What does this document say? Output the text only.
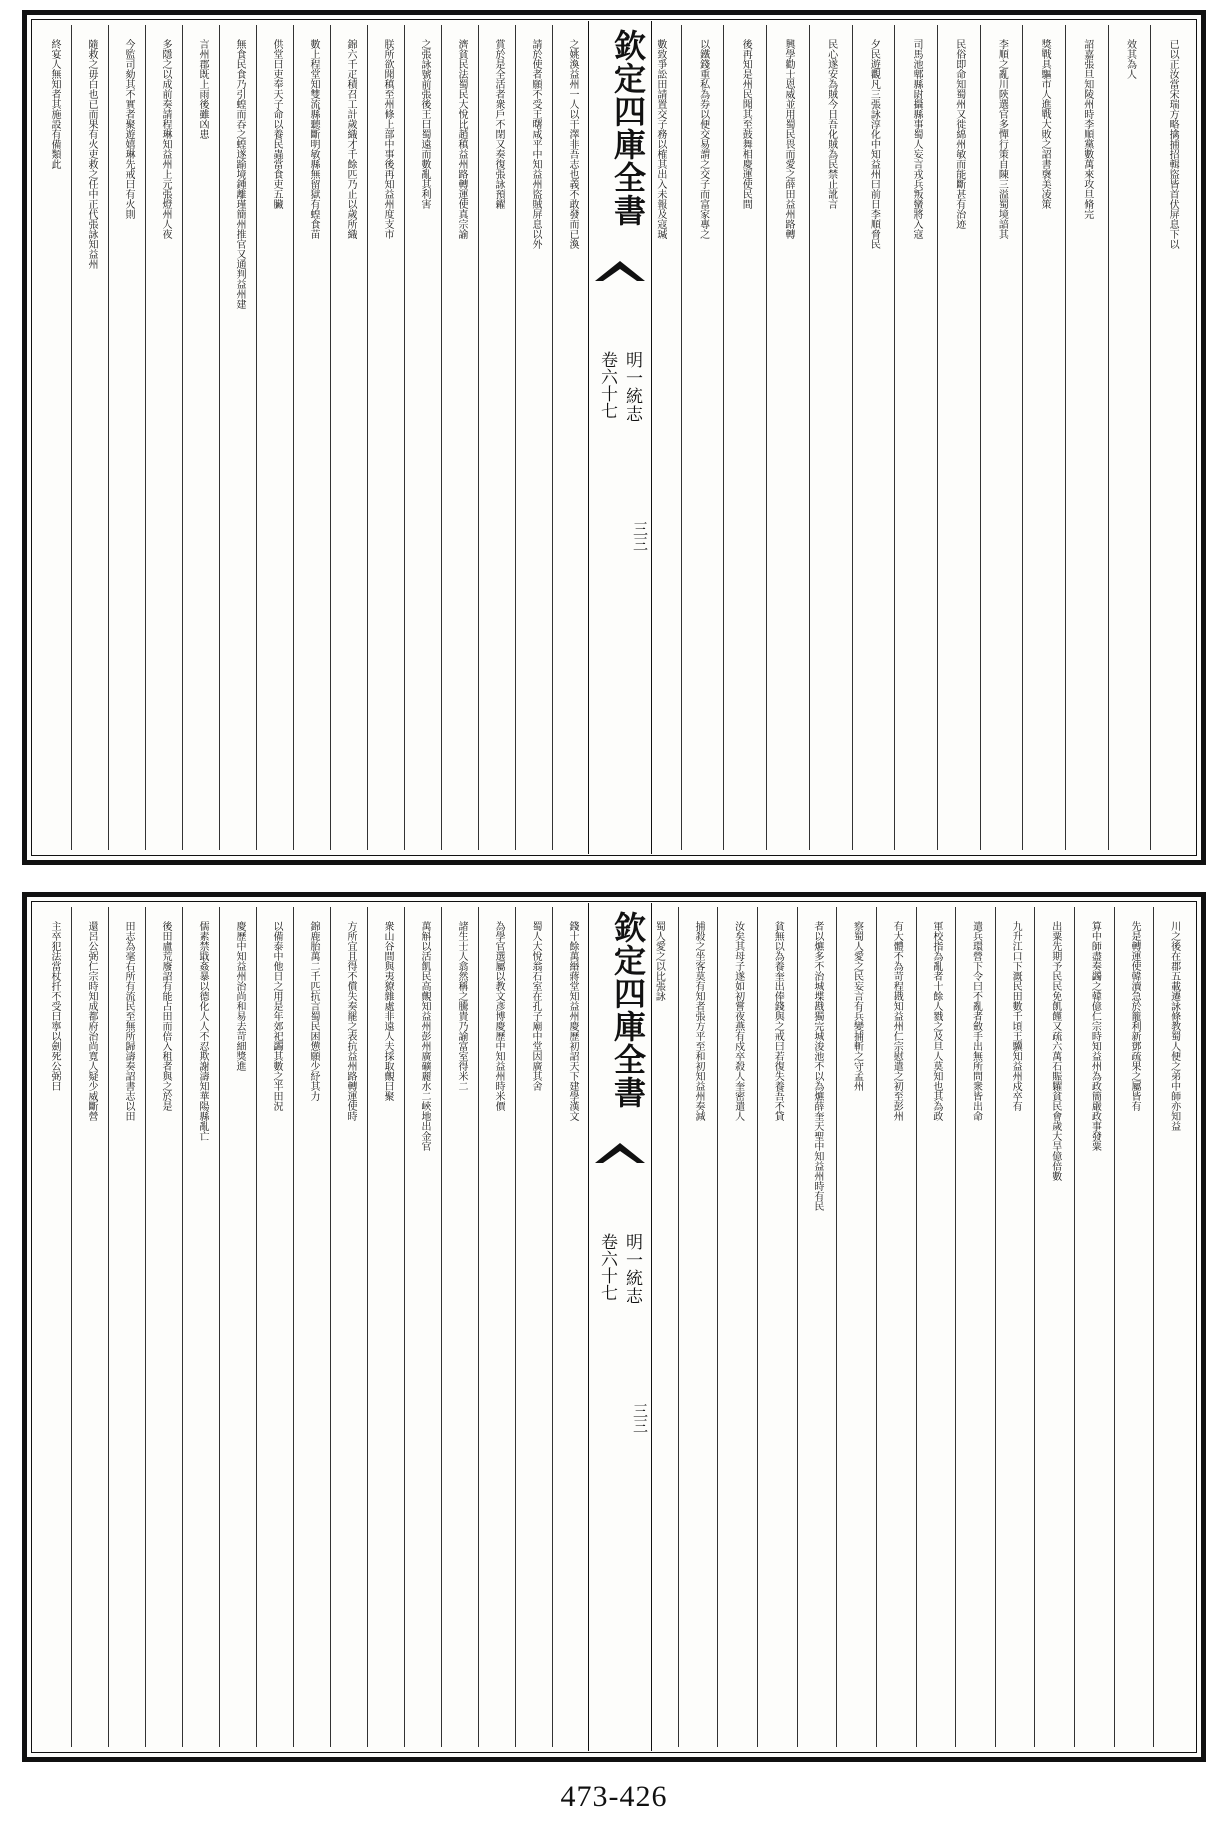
之姚渙益州一人以干澤非吾志也義不敢發而已渙
請於使者願不受王曙咸平中知益州盜賊屏息以外
賞於是全活者衆戶不閉又奏復張詠預糴
濟貧民法蜀民大悅比趙稹益州路轉運使真宗諭
之張詠號前張後王曰蜀遠而數亂其利害
朕所欲聞稹至州條上部中事後再知益州度支市
錦六千疋積召工計歲織才千餘匹乃止以歲所織
數上程堂知雙流縣聽斷明敏縣無留獄有蝗食苗
供堂曰吏奉天子命以養民蟲當食吏五臟
無食民食乃引蝗而吞之蝗遂踰境鍾離瑾簡州推官又通判益州建
言州郡既上雨後雖凶患
多隱之以成前奏請程琳知益州上元張燈州人夜
今監司劾其不實者聚遊嬉琳先戒曰有火則
隨救之毋白也已而果有火吏救之任中正代張詠知益州
終宴人無知者其施設有備類此	欽定四庫全書
明一統志
卷六十七
三三
已以正汝當宋瑞方略擒捕招輯盜皆首伏屏息下以
效其為人
詔嘉張旦知陵州時李順黨數萬來攻旦脩完
獎戰具驅市人進戰大敗之詔書襃美凌策
李順之亂川陝選官多憚行策自陳三溢蜀境諳其
民俗即命知蜀州又徙綿州敏而能斷甚有治迹
司馬池郫縣尉攝縣事蜀人妄言戎兵叛蠻將入寇
夕民遊觀凡三張詠淳化中知益州曰前日李順脅民
民心遂安為賊今日吾化賊為民禁止訛言
興學勸士恩威並用蜀民畏而愛之薛田益州路轉
後再知是州民聞其至鼓舞相慶運使民間
以鐵錢重私為券以便交易謂之交子而富家專之
數致爭訟田請置交子務以榷其出入未報及寇瑊
錢十餘萬緡蔣堂知益州慶歷初詔天下建學漢文
蜀人大悅翁石室在孔子廟中堂因廣其舍
為學官選屬以教文彥博慶歷中知益州時米價
諸生士人翕然稱之騰貴乃諭富室得米二
萬斛以活飢民高覿知益州彭州廣礦麗水二峽地出金官
衆山谷間與夷獠雜處非遠人夫採取覿曰聚
方所宜且得不償失奏罷之表抗益州路轉運使時
錦鹿胎萬二千匹抗言蜀民困憊願少紓其力
以備泰中他日之用是年郊祀蠲其數之半田況
慶歷中知益州治尚和易去苛細獎進
儒素禁戢姦暴以德化人人不忍欺謝濤知華陽縣亂亡
後田盧荒廢詔有能占田而倍入租者與之於是
田志為毫右所有流民至無所歸濤奏詔書志以田
還呂公弼仁宗時知成都府治尚寬人疑少威斷營
主卒犯法當杖扦不受曰寧以劍死公弼曰	欽定四庫全書
明一統志
卷六十七
三三
川之後在郡五載遷詠條教蜀人便之弟中師亦知益
先是轉運使韓瀆急於籠利新鄧疏果之屬皆有
算中師盡奏蠲之韓億仁宗時知益州為政簡嚴政事發粟
出粟先期予民民免飢饉又疏六萬石賑糶貧民會歲大旱億倍數
九升江口下溉民田數千頃王驥知益州戍卒有
遣兵環營下令曰不亂者斂手出無所問衆皆出命
軍校指為亂者十餘人戮之及旦人莫知也其為政
有大體不為苛程戡知益州仁宗慰遣之初至彭州
察蜀人愛之民妄言有兵變捕斬之守孟州
者以爊多不治城堞戡獨完城浚池不以為爊薛奎天聖中知益州時有民
貧無以為養奎出俸錢與之戒曰若復失養吾不貸
汝矣其母子遂如初嘗夜燕有戍卒殺人奎密遣人
捕殺之坐客莫有知者張方平至和初知益州奏減
蜀人愛之以比張詠
473-426
